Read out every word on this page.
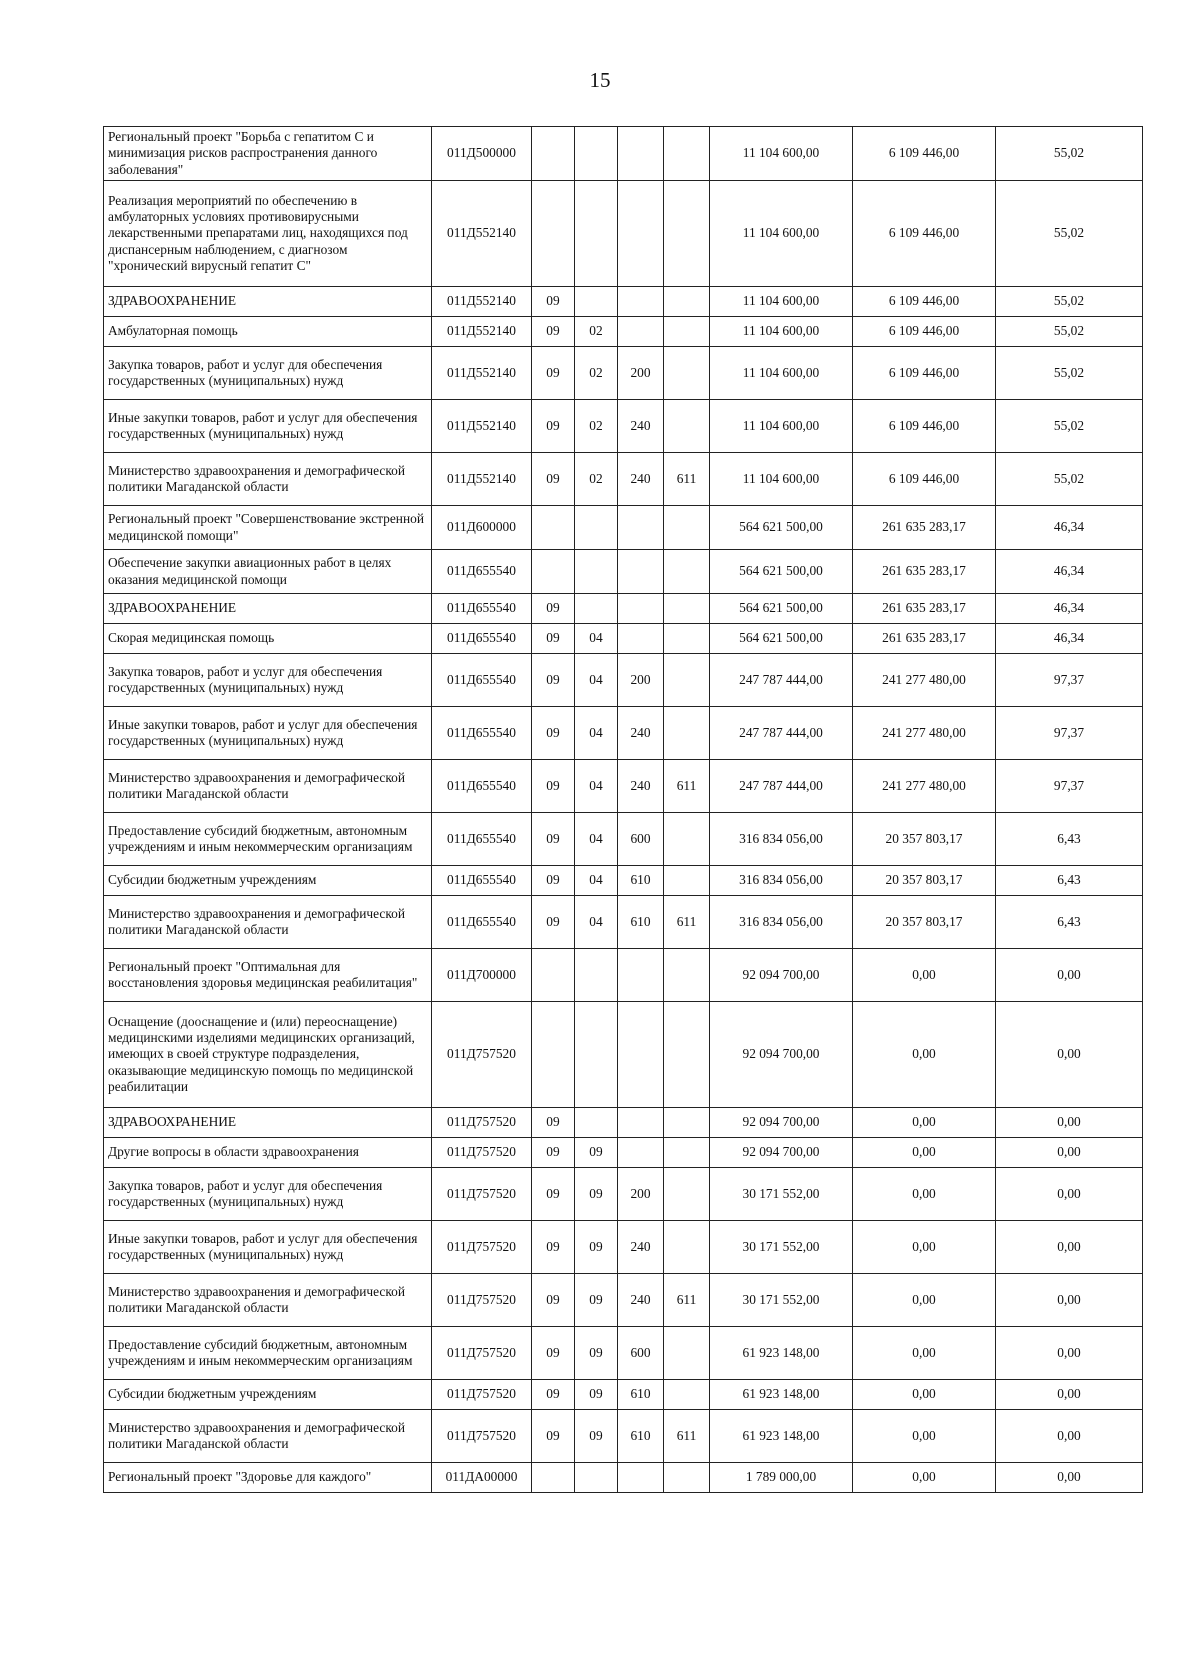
15
Региональный проект "Борьба с гепатитом С и минимизация рисков распространения данного заболевания"	011Д500000					11 104 600,00	6 109 446,00	55,02
Реализация мероприятий по обеспечению в амбулаторных условиях противовирусными лекарственными препаратами лиц, находящихся под диспансерным наблюдением, с диагнозом "хронический вирусный гепатит С"	011Д552140					11 104 600,00	6 109 446,00	55,02
ЗДРАВООХРАНЕНИЕ	011Д552140	09				11 104 600,00	6 109 446,00	55,02
Амбулаторная помощь	011Д552140	09	02			11 104 600,00	6 109 446,00	55,02
Закупка товаров, работ и услуг для обеспечения государственных (муниципальных) нужд	011Д552140	09	02	200		11 104 600,00	6 109 446,00	55,02
Иные закупки товаров, работ и услуг для обеспечения государственных (муниципальных) нужд	011Д552140	09	02	240		11 104 600,00	6 109 446,00	55,02
Министерство здравоохранения и демографической политики Магаданской области	011Д552140	09	02	240	611	11 104 600,00	6 109 446,00	55,02
Региональный проект "Совершенствование экстренной медицинской помощи"	011Д600000					564 621 500,00	261 635 283,17	46,34
Обеспечение закупки авиационных работ в целях оказания медицинской помощи	011Д655540					564 621 500,00	261 635 283,17	46,34
ЗДРАВООХРАНЕНИЕ	011Д655540	09				564 621 500,00	261 635 283,17	46,34
Скорая медицинская помощь	011Д655540	09	04			564 621 500,00	261 635 283,17	46,34
Закупка товаров, работ и услуг для обеспечения государственных (муниципальных) нужд	011Д655540	09	04	200		247 787 444,00	241 277 480,00	97,37
Иные закупки товаров, работ и услуг для обеспечения государственных (муниципальных) нужд	011Д655540	09	04	240		247 787 444,00	241 277 480,00	97,37
Министерство здравоохранения и демографической политики Магаданской области	011Д655540	09	04	240	611	247 787 444,00	241 277 480,00	97,37
Предоставление субсидий бюджетным, автономным учреждениям и иным некоммерческим организациям	011Д655540	09	04	600		316 834 056,00	20 357 803,17	6,43
Субсидии бюджетным учреждениям	011Д655540	09	04	610		316 834 056,00	20 357 803,17	6,43
Министерство здравоохранения и демографической политики Магаданской области	011Д655540	09	04	610	611	316 834 056,00	20 357 803,17	6,43
Региональный проект "Оптимальная для восстановления здоровья медицинская реабилитация"	011Д700000					92 094 700,00	0,00	0,00
Оснащение (дооснащение и (или) переоснащение) медицинскими изделиями медицинских организаций, имеющих в своей структуре подразделения, оказывающие медицинскую помощь по медицинской реабилитации	011Д757520					92 094 700,00	0,00	0,00
ЗДРАВООХРАНЕНИЕ	011Д757520	09				92 094 700,00	0,00	0,00
Другие вопросы в области здравоохранения	011Д757520	09	09			92 094 700,00	0,00	0,00
Закупка товаров, работ и услуг для обеспечения государственных (муниципальных) нужд	011Д757520	09	09	200		30 171 552,00	0,00	0,00
Иные закупки товаров, работ и услуг для обеспечения государственных (муниципальных) нужд	011Д757520	09	09	240		30 171 552,00	0,00	0,00
Министерство здравоохранения и демографической политики Магаданской области	011Д757520	09	09	240	611	30 171 552,00	0,00	0,00
Предоставление субсидий бюджетным, автономным учреждениям и иным некоммерческим организациям	011Д757520	09	09	600		61 923 148,00	0,00	0,00
Субсидии бюджетным учреждениям	011Д757520	09	09	610		61 923 148,00	0,00	0,00
Министерство здравоохранения и демографической политики Магаданской области	011Д757520	09	09	610	611	61 923 148,00	0,00	0,00
Региональный проект "Здоровье для каждого"	011ДА00000					1 789 000,00	0,00	0,00
